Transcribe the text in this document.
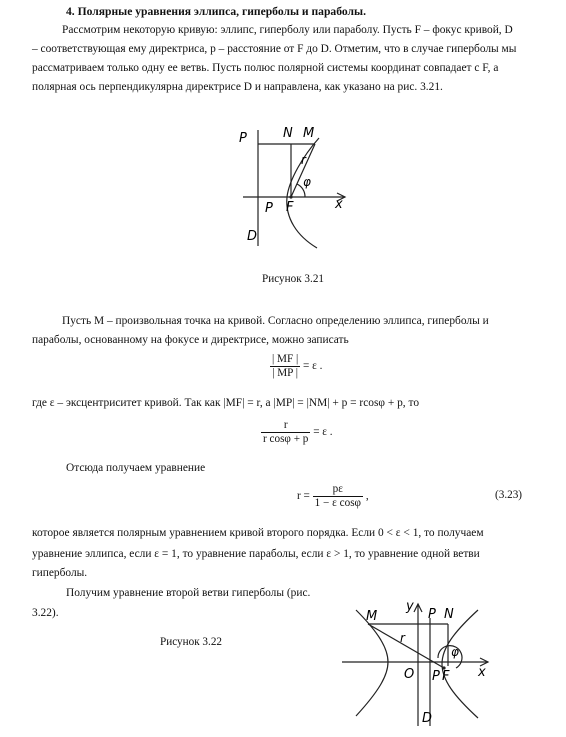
4. Полярные уравнения эллипса, гиперболы и параболы.
Рассмотрим некоторую кривую: эллипс, гиперболу или параболу. Пусть F – фокус кривой, D
– соответствующая ему директриса, p – расстояние от F до D. Отметим, что в случае гиперболы мы
рассматриваем только одну ее ветвь. Пусть полюс полярной системы координат совпадает с F, а
полярная ось перпендикулярна директрисе D и направлена, как указано на рис. 3.21.
P	N M
r
φ
P F	x
D
Рисунок 3.21
Пусть M – произвольная точка на кривой. Согласно определению эллипса, гиперболы и
параболы, основанному на фокусе и директрисе, можно записать
$\frac{| MF |}{| MP |} = \varepsilon$ .
где ε – эксцентриситет кривой. Так как |MF| = r, а |MP| = |NM| + p = rcosφ + p, то
$\frac{r}{\text{r cosφ + p}} = \varepsilon$ .
Отсюда получаем уравнение
$r = \frac{p\varepsilon}{\text{1 − ε cosφ}}$ ,	(3.23)
которое является полярным уравнением кривой второго порядка. Если 0 < ε < 1, то получаем
уравнение эллипса, если ε = 1, то уравнение параболы, если ε > 1, то уравнение одной ветви
гиперболы.
Получим уравнение второй ветви гиперболы (рис.
3.22).
Рисунок 3.22
y
M	P N
r
φ
O P F x
D
